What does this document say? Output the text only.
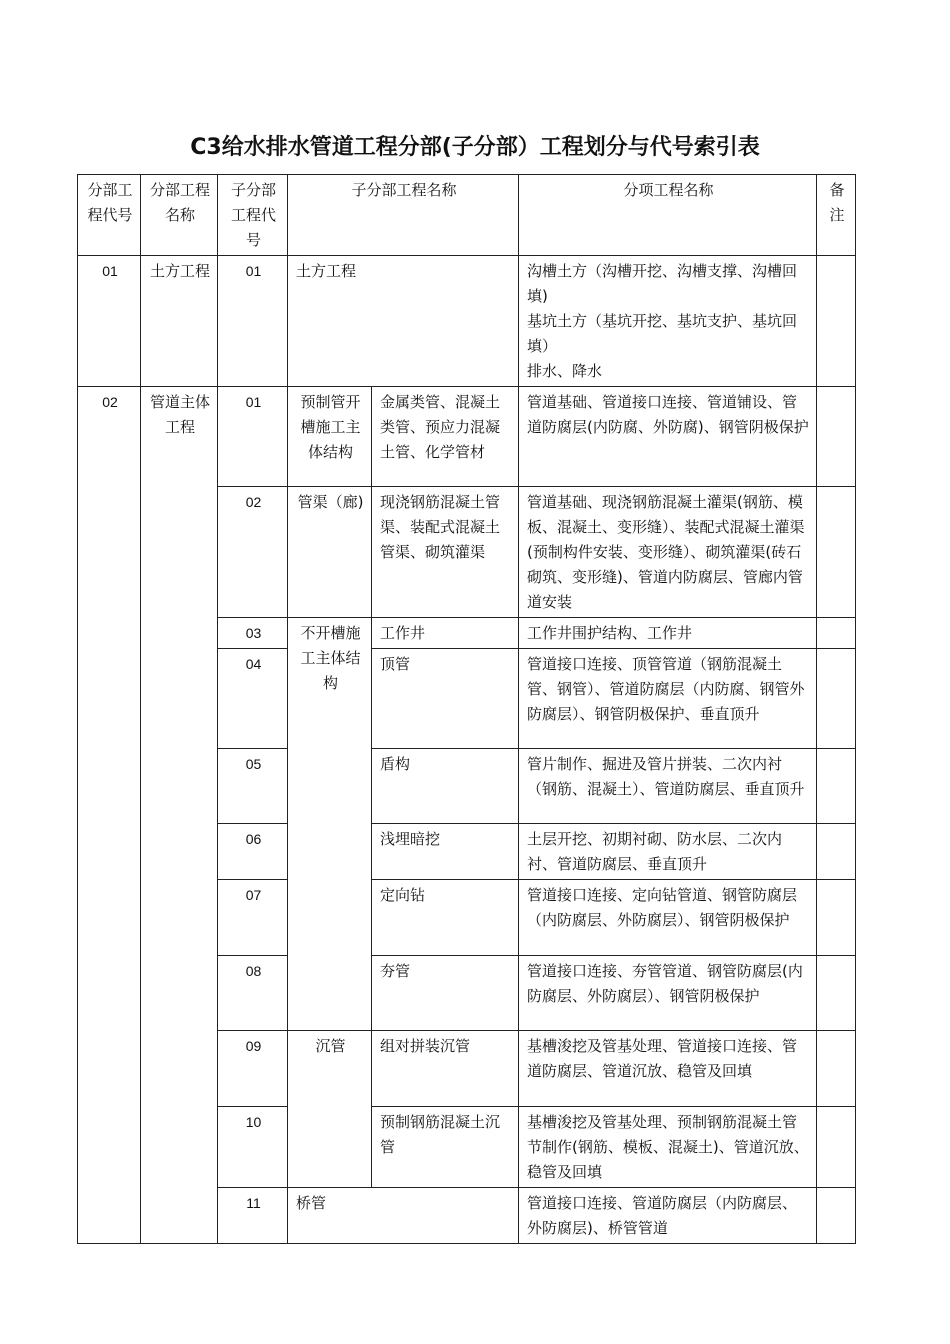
C3给水排水管道工程分部(子分部）工程划分与代号索引表
分部工程代号	分部工程名称	子分部工程代号	子分部工程名称		分项工程名称	备注
01	土方工程	01	土方工程		沟槽土方（沟槽开挖、沟槽支撑、沟槽回填)
基坑土方（基坑开挖、基坑支护、基坑回填）
排水、降水	

02	管道主体工程	01	预制管开槽施工主体结构	金属类管、混凝土类管、预应力混凝土管、化学管材	管道基础、管道接口连接、管道铺设、管道防腐层(内防腐、外防腐)、钢管阴极保护	
		02	管渠（廊)	现浇钢筋混凝土管渠、装配式混凝土管渠、砌筑灌渠	管道基础、现浇钢筋混凝土灌渠(钢筋、模板、混凝土、变形缝）、装配式混凝土灌渠(预制构件安装、变形缝）、砌筑灌渠(砖石砌筑、变形缝)、管道内防腐层、管廊内管道安装	
		03	不开槽施工主体结构	工作井	工作井围护结构、工作井	
		04		顶管	管道接口连接、顶管管道（钢筋混凝土管、钢管）、管道防腐层（内防腐、钢管外防腐层）、钢管阴极保护、垂直顶升	
		05		盾构	管片制作、掘进及管片拼装、二次内衬（钢筋、混凝土）、管道防腐层、垂直顶升	
		06		浅埋暗挖	土层开挖、初期衬砌、防水层、二次内衬、管道防腐层、垂直顶升	
		07		定向钻	管道接口连接、定向钻管道、钢管防腐层（内防腐层、外防腐层）、钢管阴极保护	
		08		夯管	管道接口连接、夯管管道、钢管防腐层(内防腐层、外防腐层）、钢管阴极保护	
		09	沉管	组对拼装沉管	基槽浚挖及管基处理、管道接口连接、管道防腐层、管道沉放、稳管及回填	
		10		预制钢筋混凝土沉管	基槽浚挖及管基处理、预制钢筋混凝土管节制作(钢筋、模板、混凝土)、管道沉放、稳管及回填	
		11	桥管		管道接口连接、管道防腐层（内防腐层、外防腐层)、桥管管道	
